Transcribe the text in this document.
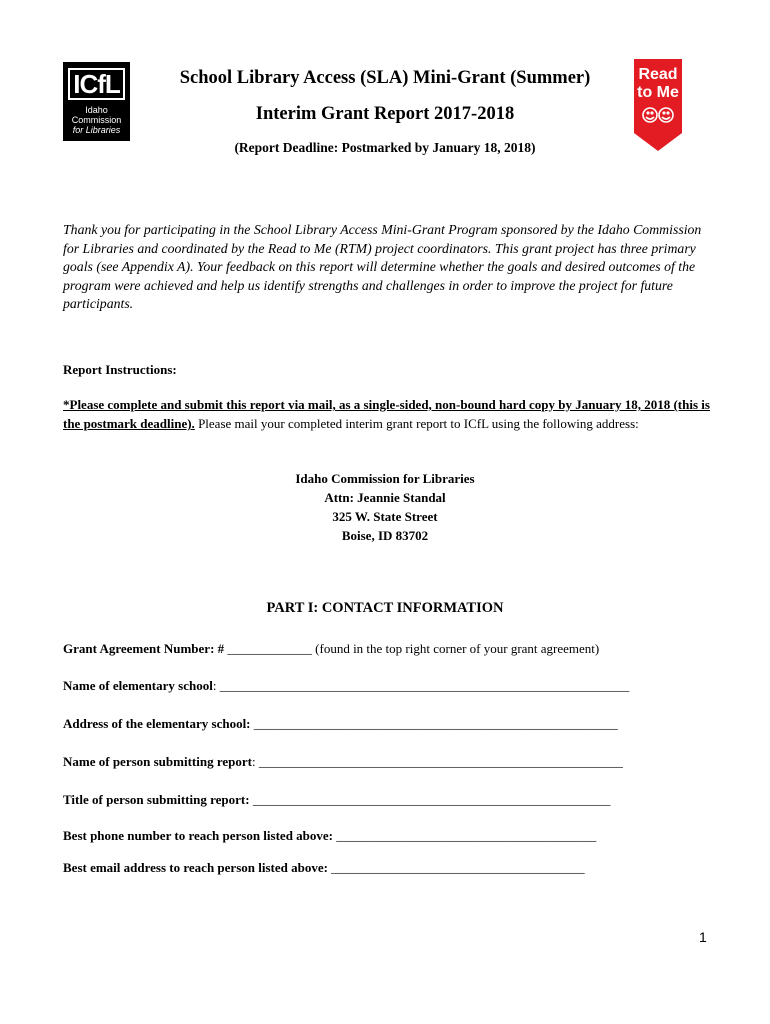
ICfL
Idaho
Commission
for Libraries
Read
to Me
School Library Access (SLA) Mini-Grant (Summer)
Interim Grant Report 2017-2018
(Report Deadline: Postmarked by January 18, 2018)

Thank you for participating in the School Library Access Mini-Grant Program sponsored by the Idaho Commission for Libraries and coordinated by the Read to Me (RTM) project coordinators. This grant project has three primary goals (see Appendix A). Your feedback on this report will determine whether the goals and desired outcomes of the program were achieved and help us identify strengths and challenges in order to improve the project for future participants.

Report Instructions:

*Please complete and submit this report via mail, as a single-sided, non-bound hard copy by January 18, 2018 (this is the postmark deadline). Please mail your completed interim grant report to ICfL using the following address:

Idaho Commission for Libraries
Attn: Jeannie Standal
325 W. State Street
Boise, ID 83702
PART I: CONTACT INFORMATION
Grant Agreement Number: # _____________ (found in the top right corner of your grant agreement)
Name of elementary school: _______________________________________________________________
Address of the elementary school: ________________________________________________________
Name of person submitting report: ________________________________________________________
Title of person submitting report: _______________________________________________________
Best phone number to reach person listed above: ________________________________________
Best email address to reach person listed above: _______________________________________
1
